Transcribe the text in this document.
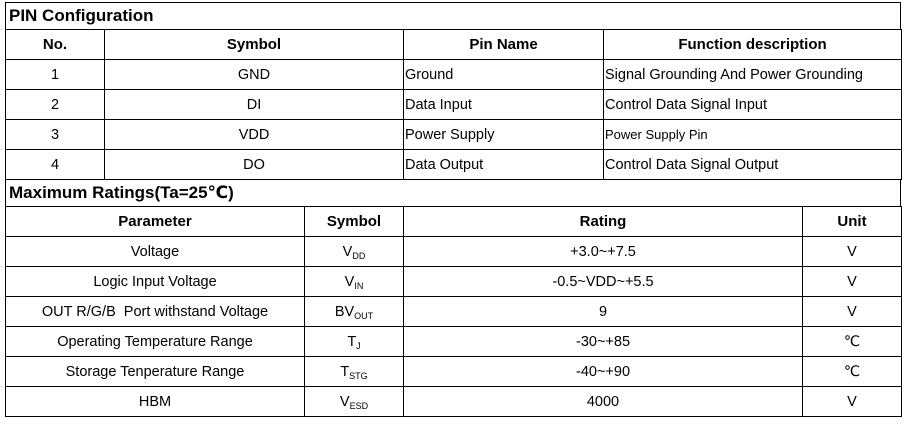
PIN Configuration
No.	Symbol	Pin Name	Function description
1	GND	Ground	Signal Grounding And Power Grounding
2	DI	Data Input	Control Data Signal Input
3	VDD	Power Supply	Power Supply Pin
4	DO	Data Output	Control Data Signal Output
Maximum Ratings(Ta=25℃)
Parameter	Symbol	Rating	Unit
Voltage	$V_{DD}$	+3.0~+7.5	V
Logic Input Voltage	$V_{IN}$	-0.5~VDD~+5.5	V
OUT R/G/B  Port withstand Voltage	$BV_{OUT}$	9	V
Operating Temperature Range	$T_J$	-30~+85	℃
Storage Tenperature Range	$T_{STG}$	-40~+90	℃
HBM	$V_{ESD}$	4000	V
